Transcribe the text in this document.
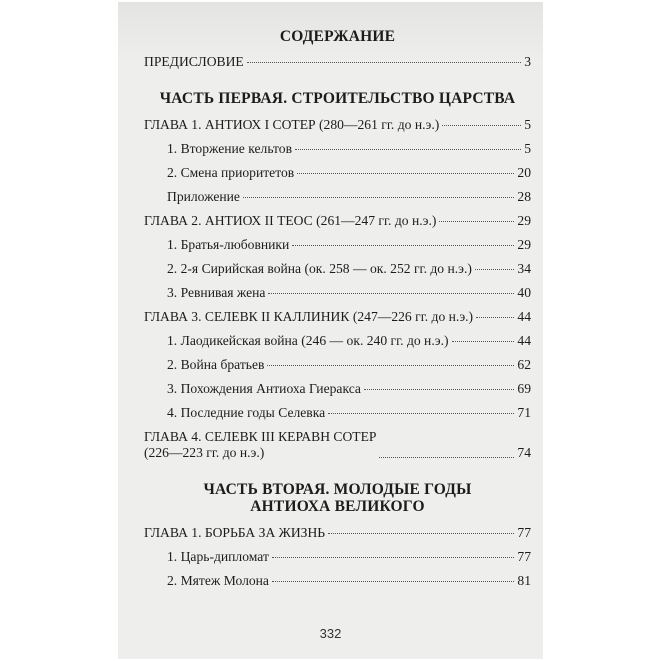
СОДЕРЖАНИЕ
ПРЕДИСЛОВИЕ	3
ЧАСТЬ ПЕРВАЯ. СТРОИТЕЛЬСТВО ЦАРСТВА
ГЛАВА 1. АНТИОХ I СОТЕР (280—261 гг. до н.э.)	5
1. Вторжение кельтов	5
2. Смена приоритетов	20
Приложение	28
ГЛАВА 2. АНТИОХ II ТЕОС (261—247 гг. до н.э.)	29
1. Братья-любовники	29
2. 2-я Сирийская война (ок. 258 — ок. 252 гг. до н.э.)	34
3. Ревнивая жена	40
ГЛАВА 3. СЕЛЕВК II КАЛЛИНИК (247—226 гг. до н.э.)	44
1. Лаодикейская война (246 — ок. 240 гг. до н.э.)	44
2. Война братьев	62
3. Похождения Антиоха Гиеракса	69
4. Последние годы Селевка	71
ГЛАВА 4. СЕЛЕВК III КЕРАВН СОТЕР
(226—223 гг. до н.э.)	74
ЧАСТЬ ВТОРАЯ. МОЛОДЫЕ ГОДЫ
АНТИОХА ВЕЛИКОГО
ГЛАВА 1. БОРЬБА ЗА ЖИЗНЬ	77
1. Царь-дипломат	77
2. Мятеж Молона	81
332
